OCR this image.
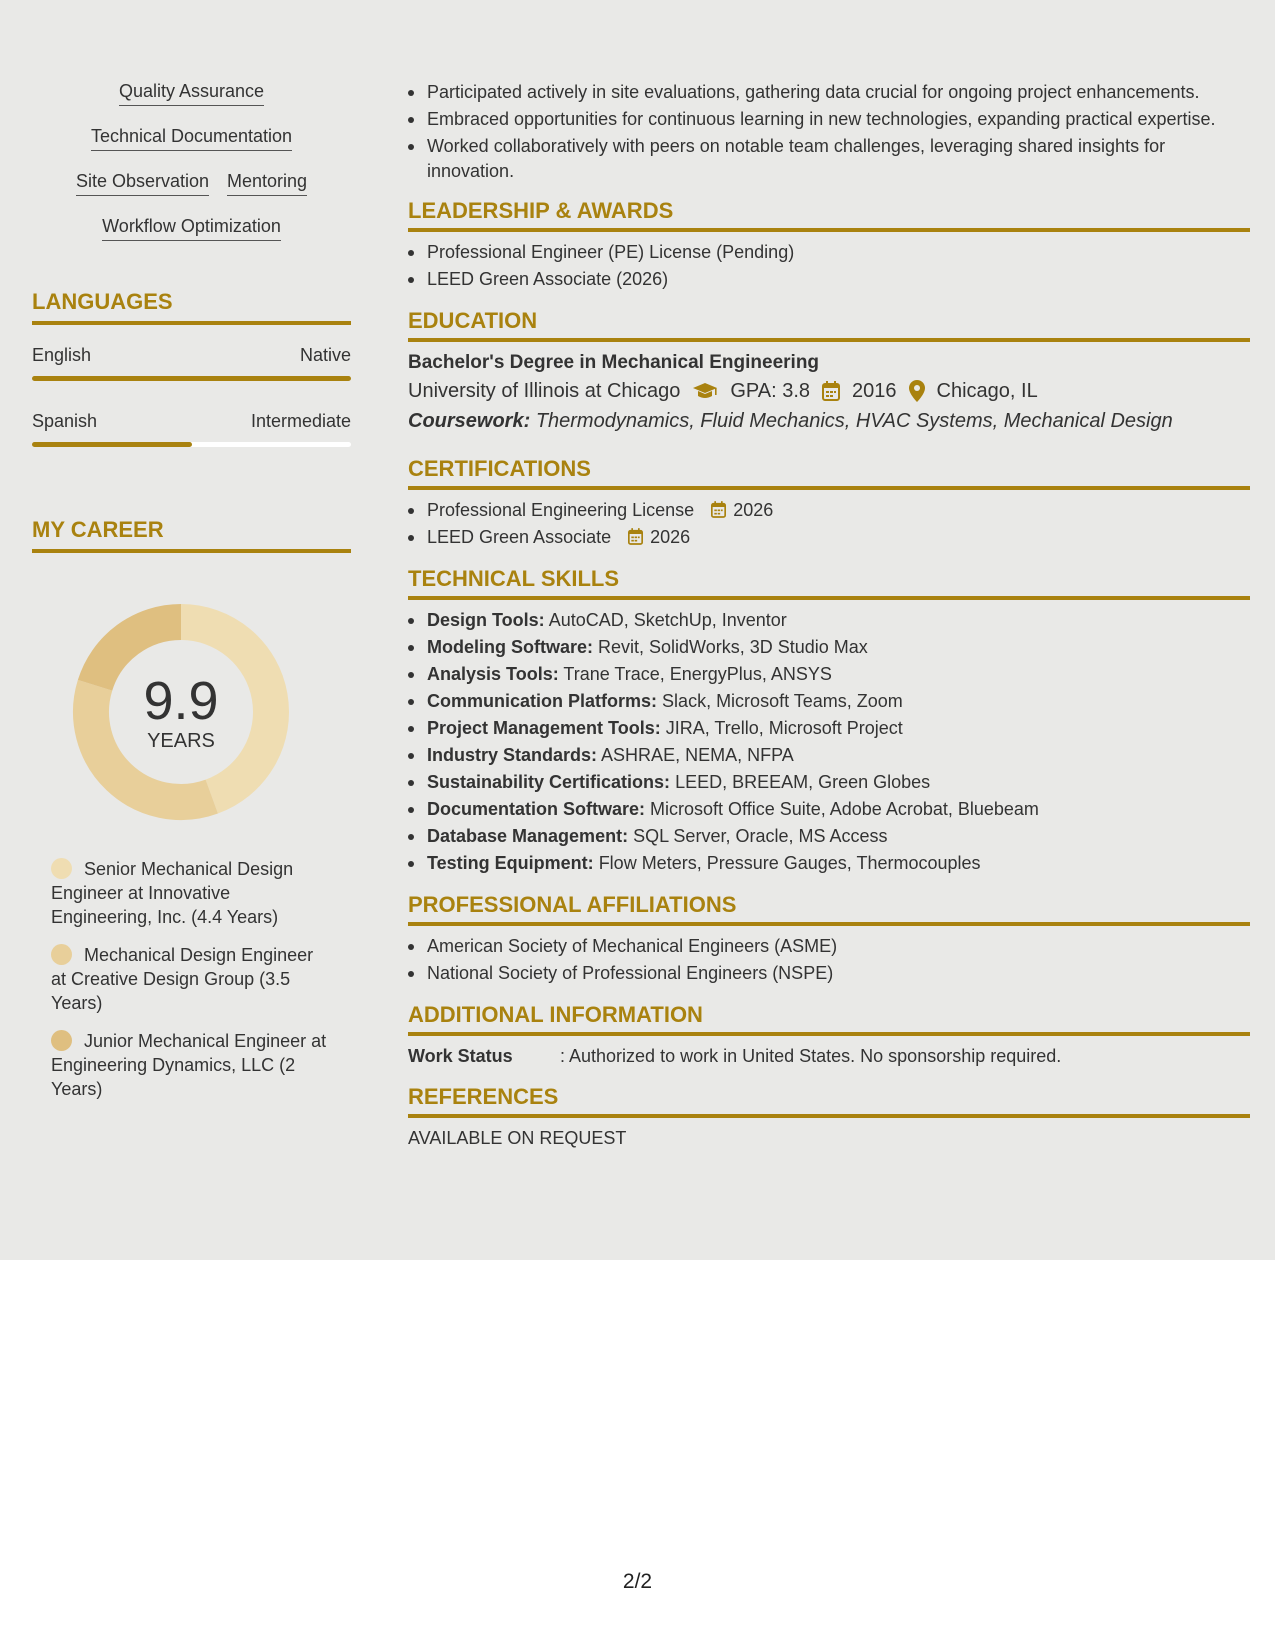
Quality Assurance
Technical Documentation
Site Observation Mentoring
Workflow Optimization
LANGUAGES
English	Native
Spanish	Intermediate
MY CAREER
9.9
YEARS
Senior Mechanical Design Engineer at Innovative Engineering, Inc. (4.4 Years)
Mechanical Design Engineer at Creative Design Group (3.5 Years)
Junior Mechanical Engineer at Engineering Dynamics, LLC (2 Years)
Participated actively in site evaluations, gathering data crucial for ongoing project enhancements.
Embraced opportunities for continuous learning in new technologies, expanding practical expertise.
Worked collaboratively with peers on notable team challenges, leveraging shared insights for innovation.
LEADERSHIP & AWARDS
Professional Engineer (PE) License (Pending)
LEED Green Associate (2026)
EDUCATION
Bachelor's Degree in Mechanical Engineering
University of Illinois at Chicago	GPA: 3.8 2016 Chicago, IL
Coursework: Thermodynamics, Fluid Mechanics, HVAC Systems, Mechanical Design
CERTIFICATIONS
Professional Engineering License 2026
LEED Green Associate 2026
TECHNICAL SKILLS
Design Tools: AutoCAD, SketchUp, Inventor
Modeling Software: Revit, SolidWorks, 3D Studio Max
Analysis Tools: Trane Trace, EnergyPlus, ANSYS
Communication Platforms: Slack, Microsoft Teams, Zoom
Project Management Tools: JIRA, Trello, Microsoft Project
Industry Standards: ASHRAE, NEMA, NFPA
Sustainability Certifications: LEED, BREEAM, Green Globes
Documentation Software: Microsoft Office Suite, Adobe Acrobat, Bluebeam
Database Management: SQL Server, Oracle, MS Access
Testing Equipment: Flow Meters, Pressure Gauges, Thermocouples
PROFESSIONAL AFFILIATIONS
American Society of Mechanical Engineers (ASME)
National Society of Professional Engineers (NSPE)
ADDITIONAL INFORMATION
Work Status	: Authorized to work in United States. No sponsorship required.
REFERENCES
AVAILABLE ON REQUEST
2/2
